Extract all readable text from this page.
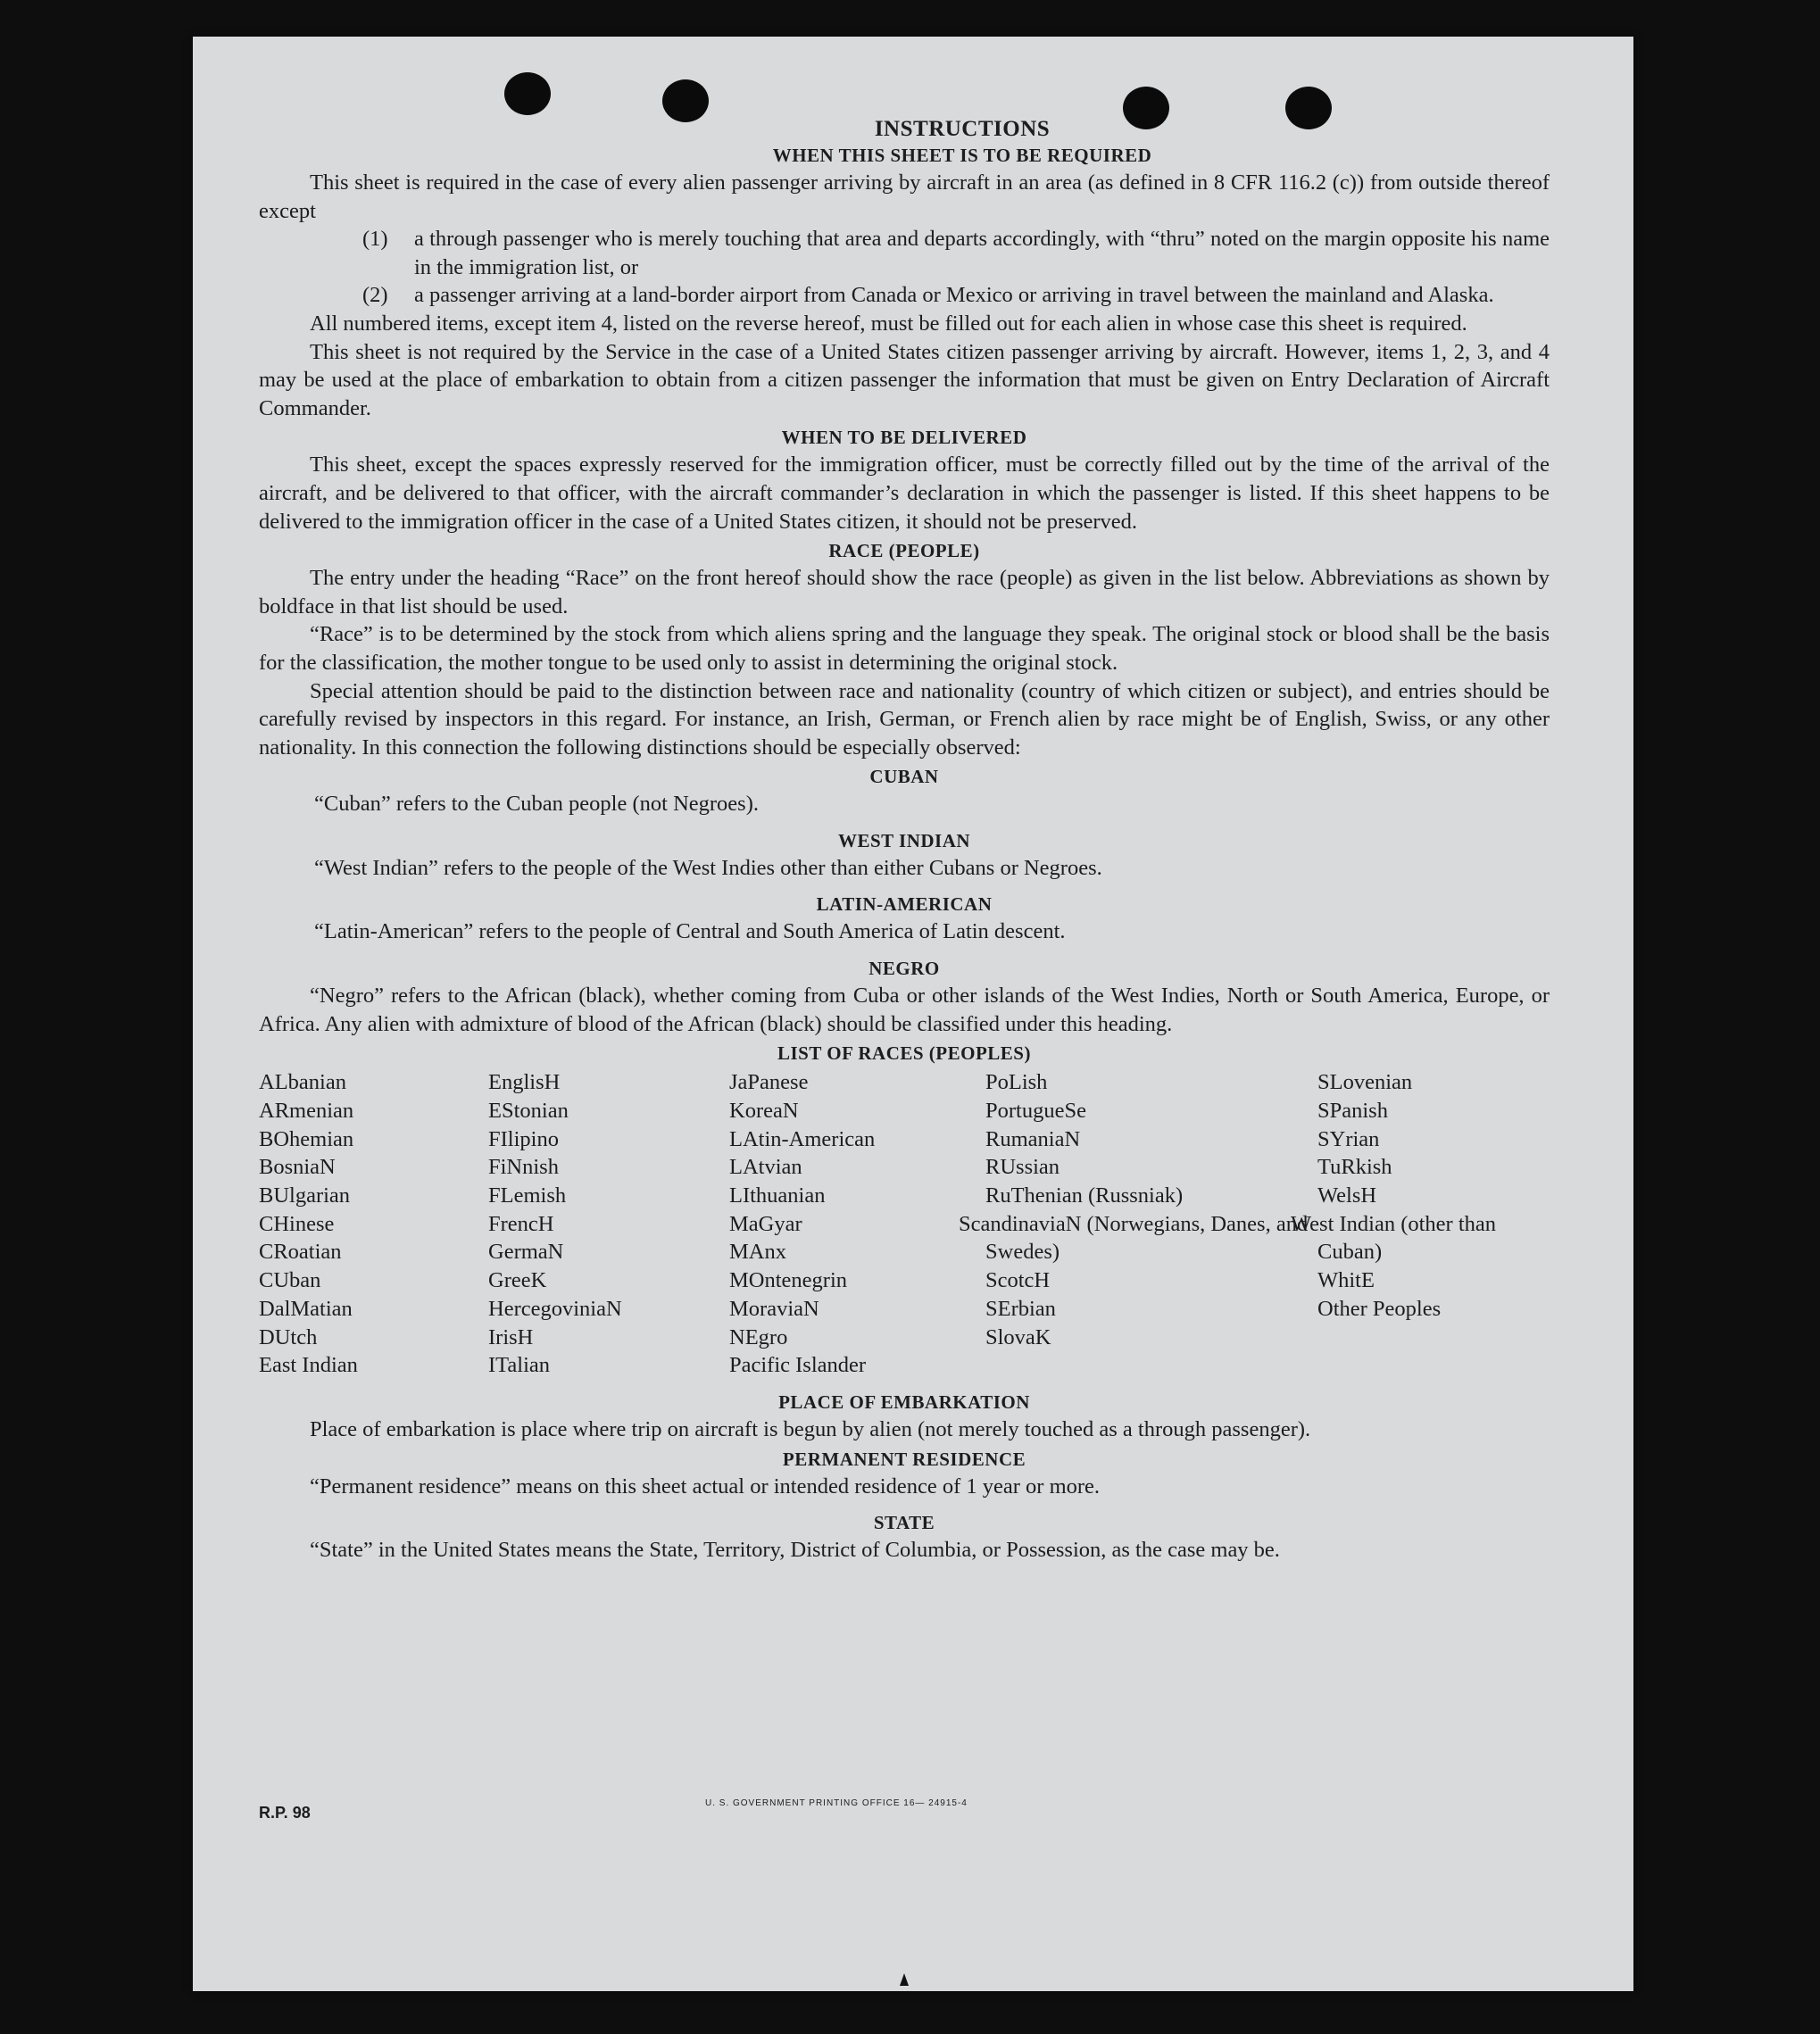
INSTRUCTIONS
WHEN THIS SHEET IS TO BE REQUIRED

This sheet is required in the case of every alien passenger arriving by aircraft in an area (as defined in 8 CFR 116.2 (c)) from outside thereof except

(1)	a through passenger who is merely touching that area and departs accordingly, with “thru” noted on the margin opposite his name in the immigration list, or
(2)	a passenger arriving at a land-border airport from Canada or Mexico or arriving in travel between the mainland and Alaska.

All numbered items, except item 4, listed on the reverse hereof, must be filled out for each alien in whose case this sheet is required.

This sheet is not required by the Service in the case of a United States citizen passenger arriving by aircraft. However, items 1, 2, 3, and 4 may be used at the place of embarkation to obtain from a citizen passenger the information that must be given on Entry Declaration of Aircraft Commander.

WHEN TO BE DELIVERED

This sheet, except the spaces expressly reserved for the immigration officer, must be correctly filled out by the time of the arrival of the aircraft, and be delivered to that officer, with the aircraft commander’s declaration in which the passenger is listed. If this sheet happens to be delivered to the immigration officer in the case of a United States citizen, it should not be preserved.

RACE (PEOPLE)

The entry under the heading “Race” on the front hereof should show the race (people) as given in the list below. Abbreviations as shown by boldface in that list should be used.

“Race” is to be determined by the stock from which aliens spring and the language they speak. The original stock or blood shall be the basis for the classification, the mother tongue to be used only to assist in determining the original stock.

Special attention should be paid to the distinction between race and nationality (country of which citizen or subject), and entries should be carefully revised by inspectors in this regard. For instance, an Irish, German, or French alien by race might be of English, Swiss, or any other nationality. In this connection the following distinctions should be especially observed:

CUBAN

“Cuban” refers to the Cuban people (not Negroes).

WEST INDIAN

“West Indian” refers to the people of the West Indies other than either Cubans or Negroes.

LATIN-AMERICAN

“Latin-American” refers to the people of Central and South America of Latin descent.

NEGRO

“Negro” refers to the African (black), whether coming from Cuba or other islands of the West Indies, North or South America, Europe, or Africa. Any alien with admixture of blood of the African (black) should be classified under this heading.

LIST OF RACES (PEOPLES)
ALbanian
ARmenian
BOhemian
BosniaN
BUlgarian
CHinese
CRoatian
CUban
DalMatian
DUtch
East Indian
EnglisH
EStonian
FIlipino
FiNnish
FLemish
FrencH
GermaN
GreeK
HercegoviniaN
IrisH
ITalian
JaPanese
KoreaN
LAtin-American
LAtvian
LIthuanian
MaGyar
MAnx
MOntenegrin
MoraviaN
NEgro
Pacific Islander
PoLish
PortugueSe
RumaniaN
RUssian
RuThenian (Russniak)
ScandinaviaN (Norwegians, Danes, and Swedes)
ScotcH
SErbian
SlovaK
SLovenian
SPanish
SYrian
TuRkish
WelsH
West Indian (other than Cuban)
WhitE
Other Peoples
PLACE OF EMBARKATION

Place of embarkation is place where trip on aircraft is begun by alien (not merely touched as a through passenger).

PERMANENT RESIDENCE

“Permanent residence” means on this sheet actual or intended residence of 1 year or more.

STATE

“State” in the United States means the State, Territory, District of Columbia, or Possession, as the case may be.

R.P. 98
U. S. GOVERNMENT PRINTING OFFICE 16— 24915-4
